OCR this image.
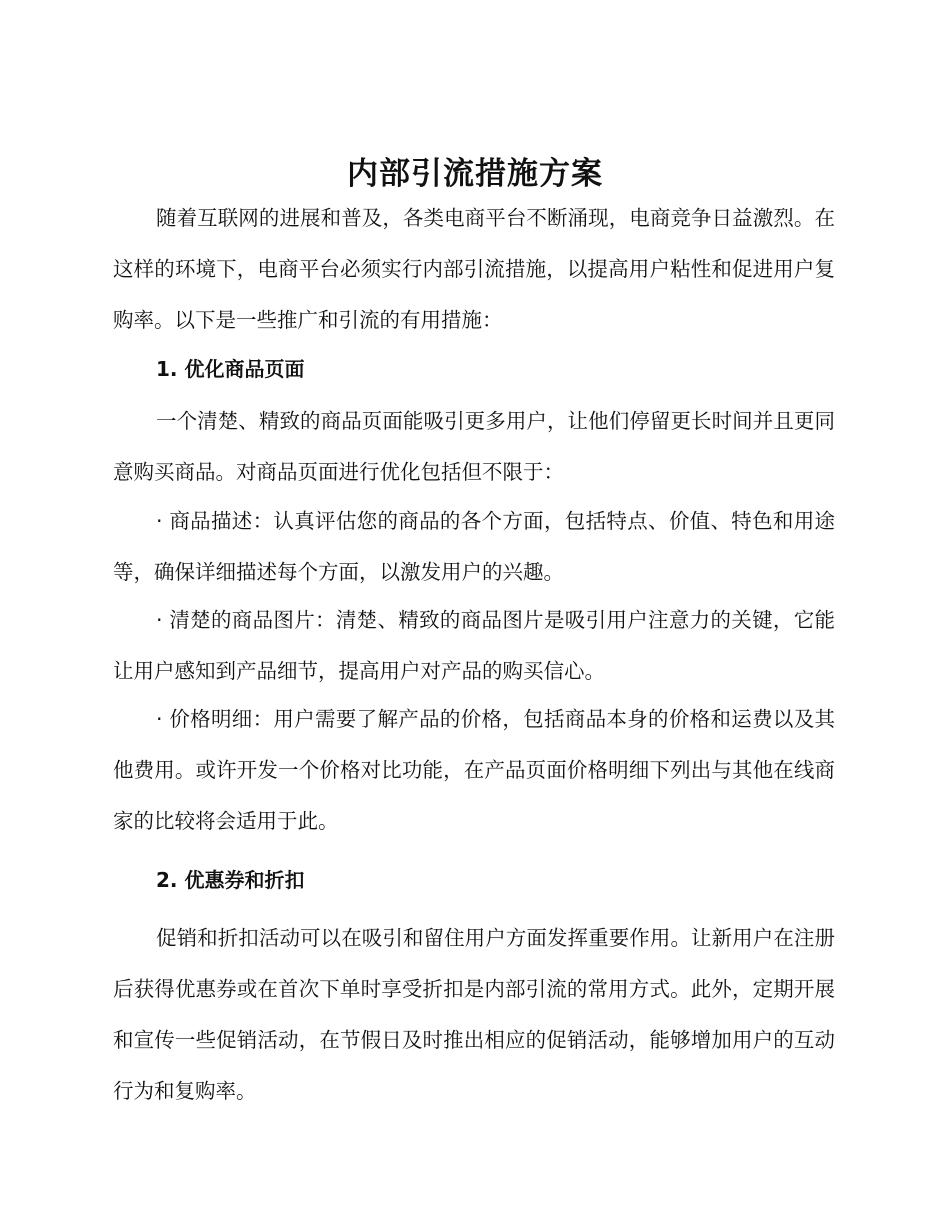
内部引流措施方案

随着互联网的进展和普及，各类电商平台不断涌现，电商竞争日益激烈。在这样的环境下，电商平台必须实行内部引流措施，以提高用户粘性和促进用户复购率。以下是一些推广和引流的有用措施：

1. 优化商品页面

一个清楚、精致的商品页面能吸引更多用户，让他们停留更长时间并且更同意购买商品。对商品页面进行优化包括但不限于：

· 商品描述：认真评估您的商品的各个方面，包括特点、价值、特色和用途等，确保详细描述每个方面，以激发用户的兴趣。

· 清楚的商品图片：清楚、精致的商品图片是吸引用户注意力的关键，它能让用户感知到产品细节，提高用户对产品的购买信心。

· 价格明细：用户需要了解产品的价格，包括商品本身的价格和运费以及其他费用。或许开发一个价格对比功能，在产品页面价格明细下列出与其他在线商家的比较将会适用于此。

2. 优惠券和折扣

促销和折扣活动可以在吸引和留住用户方面发挥重要作用。让新用户在注册后获得优惠券或在首次下单时享受折扣是内部引流的常用方式。此外，定期开展和宣传一些促销活动，在节假日及时推出相应的促销活动，能够增加用户的互动行为和复购率。
